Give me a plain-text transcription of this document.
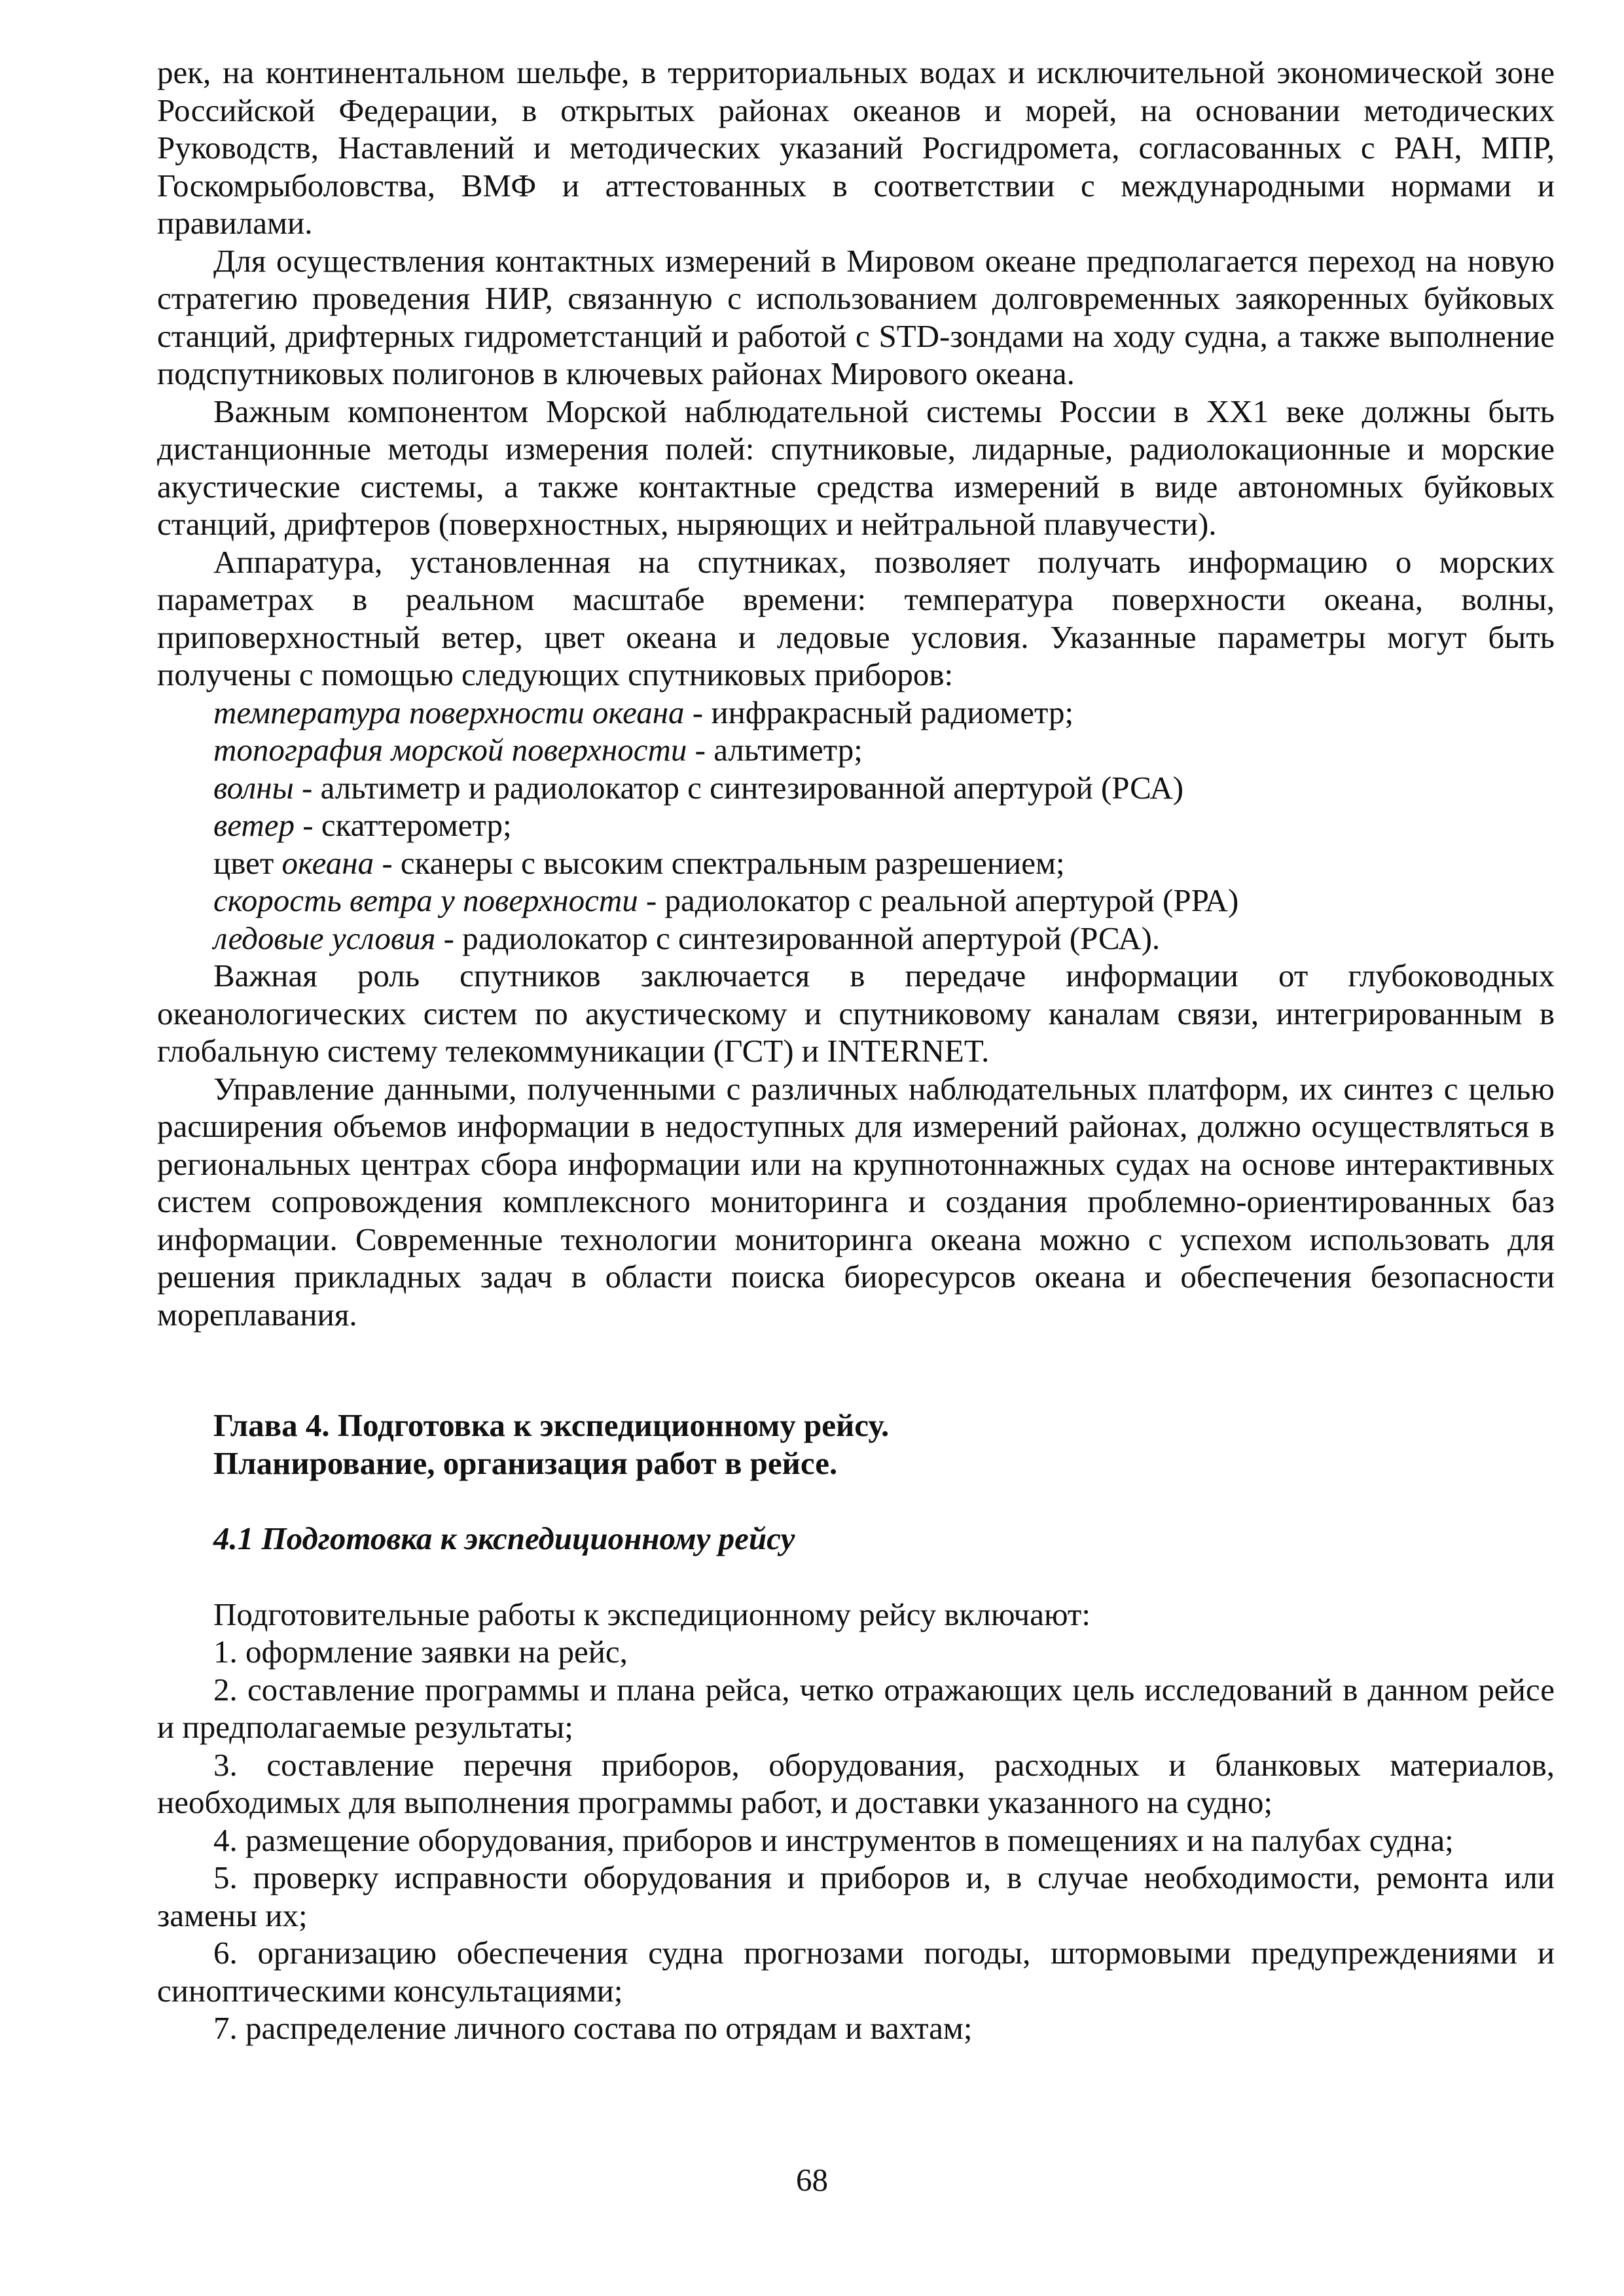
рек, на континентальном шельфе, в территориальных водах и исключительной экономической зоне Российской Федерации, в открытых районах океанов и морей, на основании методических Руководств, Наставлений и методических указаний Росгидромета, согласованных с РАН, МПР, Госкомрыболовства, ВМФ и аттестованных в соответствии с международными нормами и правилами.

Для осуществления контактных измерений в Мировом океане предполагается переход на новую стратегию проведения НИР, связанную с использованием долговременных заякоренных буйковых станций, дрифтерных гидрометстанций и работой с STD-зондами на ходу судна, а также выполнение подспутниковых полигонов в ключевых районах Мирового океана.

Важным компонентом Морской наблюдательной системы России в ХХ1 веке должны быть дистанционные методы измерения полей: спутниковые, лидарные, радиолокационные и морские акустические системы, а также контактные средства измерений в виде автономных буйковых станций, дрифтеров (поверхностных, ныряющих и нейтральной плавучести).

Аппаратура, установленная на спутниках, позволяет получать информацию о морских параметрах в реальном масштабе времени: температура поверхности океана, волны, приповерхностный ветер, цвет океана и ледовые условия. Указанные параметры могут быть получены с помощью следующих спутниковых приборов:

температура поверхности океана - инфракрасный радиометр;
топография морской поверхности - альтиметр;
волны - альтиметр и радиолокатор с синтезированной апертурой (РСА)
ветер - скаттерометр;
цвет океана - сканеры с высоким спектральным разрешением;
скорость ветра у поверхности - радиолокатор с реальной апертурой (РРА)
ледовые условия - радиолокатор с синтезированной апертурой (РСА).

Важная роль спутников заключается в передаче информации от глубоководных океанологических систем по акустическому и спутниковому каналам связи, интегрированным в глобальную систему телекоммуникации (ГСТ) и INTERNET.

Управление данными, полученными с различных наблюдательных платформ, их синтез с целью расширения объемов информации в недоступных для измерений районах, должно осуществляться в региональных центрах сбора информации или на крупнотоннажных судах на основе интерактивных систем сопровождения комплексного мониторинга и создания проблемно-ориентированных баз информации. Современные технологии мониторинга океана можно с успехом использовать для решения прикладных задач в области поиска биоресурсов океана и обеспечения безопасности мореплавания.

Глава 4. Подготовка к экспедиционному рейсу.
Планирование, организация работ в рейсе.
4.1 Подготовка к экспедиционному рейсу

Подготовительные работы к экспедиционному рейсу включают:

1. оформление заявки на рейс,

2. составление программы и плана рейса, четко отражающих цель исследований в данном рейсе и предполагаемые результаты;

3. составление перечня приборов, оборудования, расходных и бланковых материалов, необходимых для выполнения программы работ, и доставки указанного на судно;

4. размещение оборудования, приборов и инструментов в помещениях и на палубах судна;

5. проверку исправности оборудования и приборов и, в случае необходимости, ремонта или замены их;

6. организацию обеспечения судна прогнозами погоды, штормовыми предупреждениями и синоптическими консультациями;

7. распределение личного состава по отрядам и вахтам;

68
